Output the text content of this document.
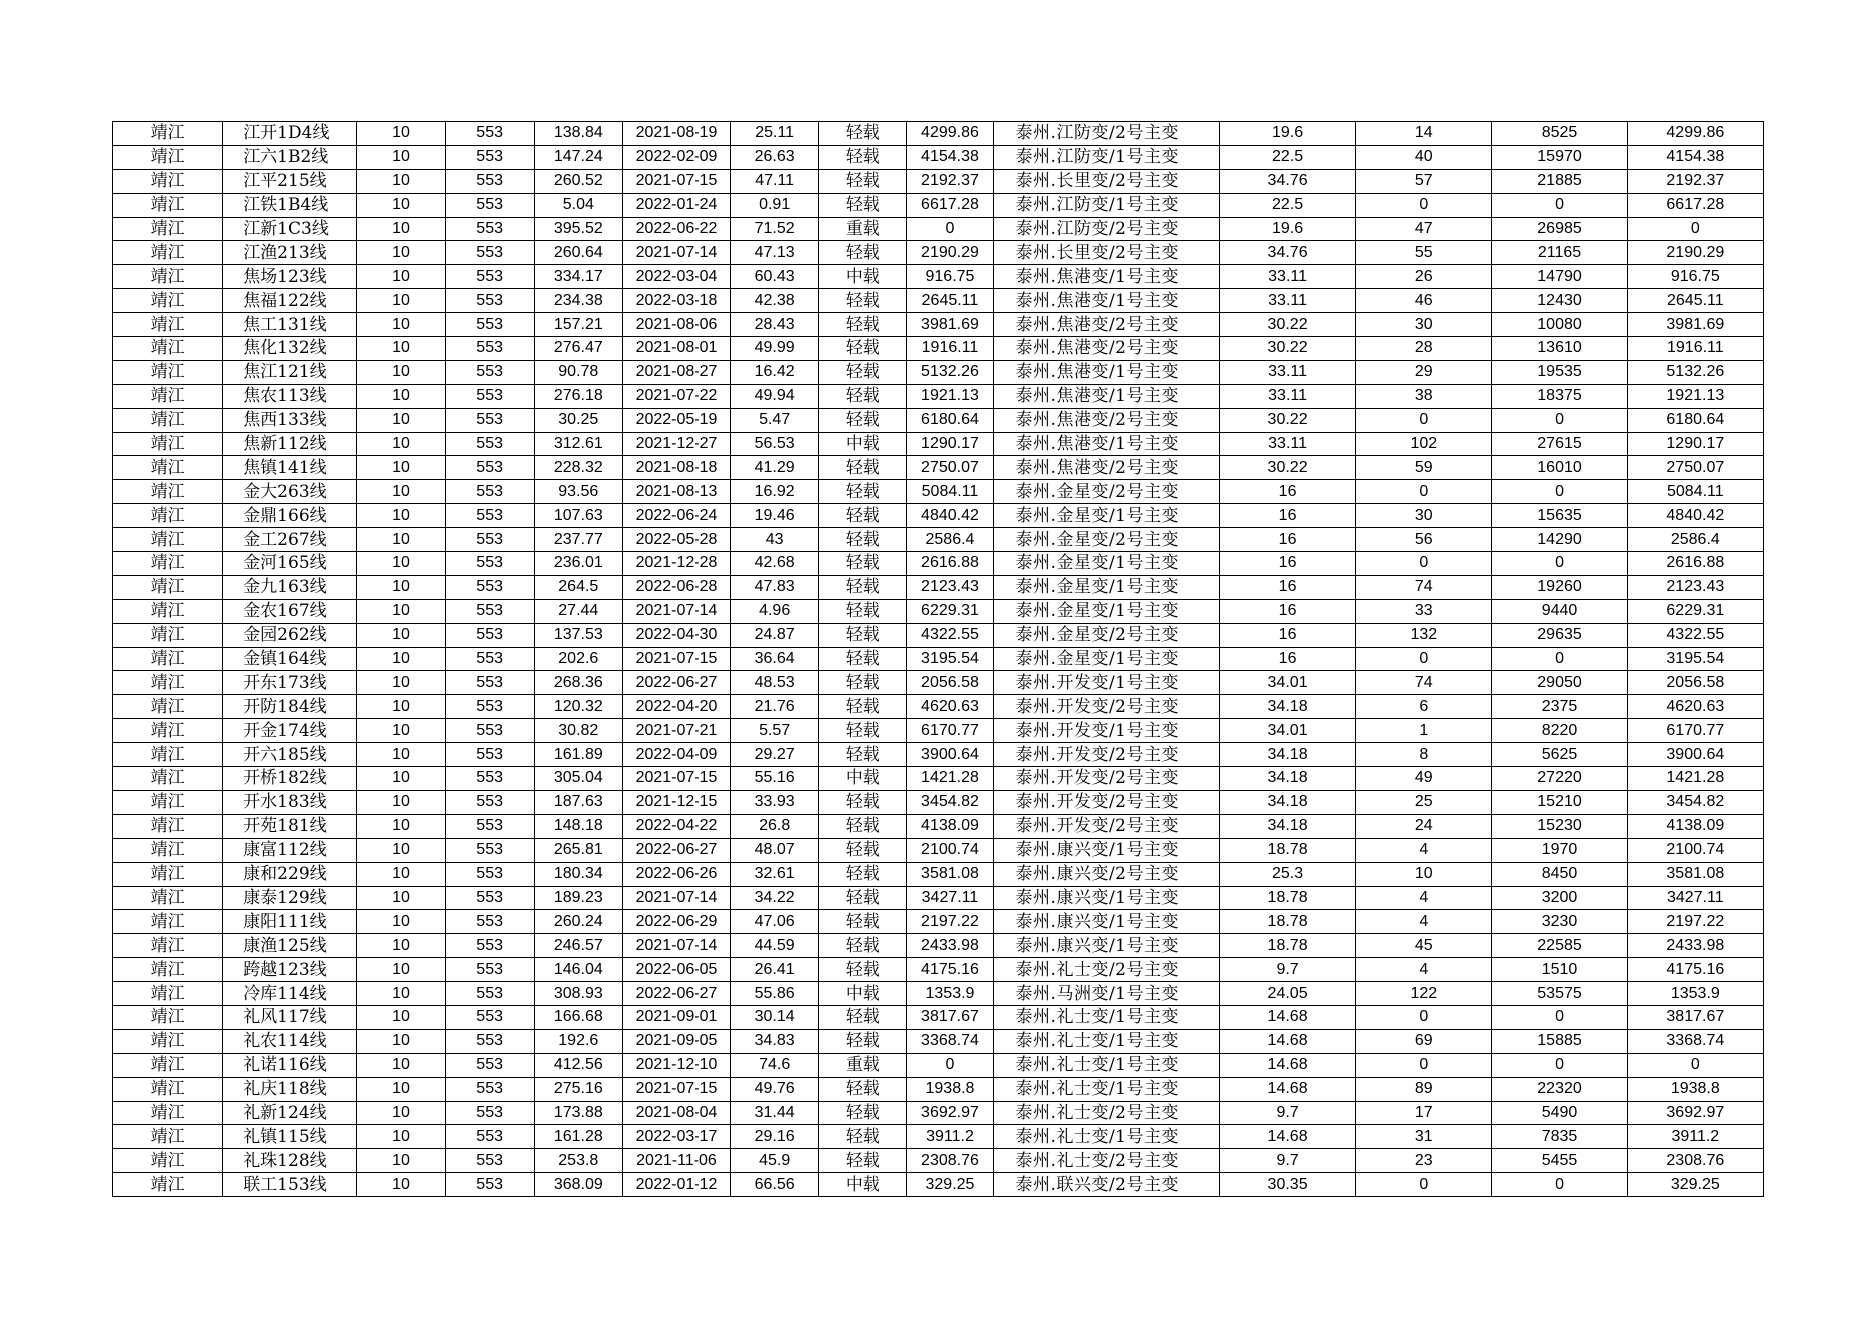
靖江	江开1D4线	10	553	138.84	2021-08-19	25.11	轻载	4299.86	泰州.江防变/2号主变	19.6	14	8525	4299.86
靖江	江六1B2线	10	553	147.24	2022-02-09	26.63	轻载	4154.38	泰州.江防变/1号主变	22.5	40	15970	4154.38
靖江	江平215线	10	553	260.52	2021-07-15	47.11	轻载	2192.37	泰州.长里变/2号主变	34.76	57	21885	2192.37
靖江	江铁1B4线	10	553	5.04	2022-01-24	0.91	轻载	6617.28	泰州.江防变/1号主变	22.5	0	0	6617.28
靖江	江新1C3线	10	553	395.52	2022-06-22	71.52	重载	0	泰州.江防变/2号主变	19.6	47	26985	0
靖江	江渔213线	10	553	260.64	2021-07-14	47.13	轻载	2190.29	泰州.长里变/2号主变	34.76	55	21165	2190.29
靖江	焦场123线	10	553	334.17	2022-03-04	60.43	中载	916.75	泰州.焦港变/1号主变	33.11	26	14790	916.75
靖江	焦福122线	10	553	234.38	2022-03-18	42.38	轻载	2645.11	泰州.焦港变/1号主变	33.11	46	12430	2645.11
靖江	焦工131线	10	553	157.21	2021-08-06	28.43	轻载	3981.69	泰州.焦港变/2号主变	30.22	30	10080	3981.69
靖江	焦化132线	10	553	276.47	2021-08-01	49.99	轻载	1916.11	泰州.焦港变/2号主变	30.22	28	13610	1916.11
靖江	焦江121线	10	553	90.78	2021-08-27	16.42	轻载	5132.26	泰州.焦港变/1号主变	33.11	29	19535	5132.26
靖江	焦农113线	10	553	276.18	2021-07-22	49.94	轻载	1921.13	泰州.焦港变/1号主变	33.11	38	18375	1921.13
靖江	焦西133线	10	553	30.25	2022-05-19	5.47	轻载	6180.64	泰州.焦港变/2号主变	30.22	0	0	6180.64
靖江	焦新112线	10	553	312.61	2021-12-27	56.53	中载	1290.17	泰州.焦港变/1号主变	33.11	102	27615	1290.17
靖江	焦镇141线	10	553	228.32	2021-08-18	41.29	轻载	2750.07	泰州.焦港变/2号主变	30.22	59	16010	2750.07
靖江	金大263线	10	553	93.56	2021-08-13	16.92	轻载	5084.11	泰州.金星变/2号主变	16	0	0	5084.11
靖江	金鼎166线	10	553	107.63	2022-06-24	19.46	轻载	4840.42	泰州.金星变/1号主变	16	30	15635	4840.42
靖江	金工267线	10	553	237.77	2022-05-28	43	轻载	2586.4	泰州.金星变/2号主变	16	56	14290	2586.4
靖江	金河165线	10	553	236.01	2021-12-28	42.68	轻载	2616.88	泰州.金星变/1号主变	16	0	0	2616.88
靖江	金九163线	10	553	264.5	2022-06-28	47.83	轻载	2123.43	泰州.金星变/1号主变	16	74	19260	2123.43
靖江	金农167线	10	553	27.44	2021-07-14	4.96	轻载	6229.31	泰州.金星变/1号主变	16	33	9440	6229.31
靖江	金园262线	10	553	137.53	2022-04-30	24.87	轻载	4322.55	泰州.金星变/2号主变	16	132	29635	4322.55
靖江	金镇164线	10	553	202.6	2021-07-15	36.64	轻载	3195.54	泰州.金星变/1号主变	16	0	0	3195.54
靖江	开东173线	10	553	268.36	2022-06-27	48.53	轻载	2056.58	泰州.开发变/1号主变	34.01	74	29050	2056.58
靖江	开防184线	10	553	120.32	2022-04-20	21.76	轻载	4620.63	泰州.开发变/2号主变	34.18	6	2375	4620.63
靖江	开金174线	10	553	30.82	2021-07-21	5.57	轻载	6170.77	泰州.开发变/1号主变	34.01	1	8220	6170.77
靖江	开六185线	10	553	161.89	2022-04-09	29.27	轻载	3900.64	泰州.开发变/2号主变	34.18	8	5625	3900.64
靖江	开桥182线	10	553	305.04	2021-07-15	55.16	中载	1421.28	泰州.开发变/2号主变	34.18	49	27220	1421.28
靖江	开水183线	10	553	187.63	2021-12-15	33.93	轻载	3454.82	泰州.开发变/2号主变	34.18	25	15210	3454.82
靖江	开苑181线	10	553	148.18	2022-04-22	26.8	轻载	4138.09	泰州.开发变/2号主变	34.18	24	15230	4138.09
靖江	康富112线	10	553	265.81	2022-06-27	48.07	轻载	2100.74	泰州.康兴变/1号主变	18.78	4	1970	2100.74
靖江	康和229线	10	553	180.34	2022-06-26	32.61	轻载	3581.08	泰州.康兴变/2号主变	25.3	10	8450	3581.08
靖江	康泰129线	10	553	189.23	2021-07-14	34.22	轻载	3427.11	泰州.康兴变/1号主变	18.78	4	3200	3427.11
靖江	康阳111线	10	553	260.24	2022-06-29	47.06	轻载	2197.22	泰州.康兴变/1号主变	18.78	4	3230	2197.22
靖江	康渔125线	10	553	246.57	2021-07-14	44.59	轻载	2433.98	泰州.康兴变/1号主变	18.78	45	22585	2433.98
靖江	跨越123线	10	553	146.04	2022-06-05	26.41	轻载	4175.16	泰州.礼士变/2号主变	9.7	4	1510	4175.16
靖江	冷库114线	10	553	308.93	2022-06-27	55.86	中载	1353.9	泰州.马洲变/1号主变	24.05	122	53575	1353.9
靖江	礼风117线	10	553	166.68	2021-09-01	30.14	轻载	3817.67	泰州.礼士变/1号主变	14.68	0	0	3817.67
靖江	礼农114线	10	553	192.6	2021-09-05	34.83	轻载	3368.74	泰州.礼士变/1号主变	14.68	69	15885	3368.74
靖江	礼诺116线	10	553	412.56	2021-12-10	74.6	重载	0	泰州.礼士变/1号主变	14.68	0	0	0
靖江	礼庆118线	10	553	275.16	2021-07-15	49.76	轻载	1938.8	泰州.礼士变/1号主变	14.68	89	22320	1938.8
靖江	礼新124线	10	553	173.88	2021-08-04	31.44	轻载	3692.97	泰州.礼士变/2号主变	9.7	17	5490	3692.97
靖江	礼镇115线	10	553	161.28	2022-03-17	29.16	轻载	3911.2	泰州.礼士变/1号主变	14.68	31	7835	3911.2
靖江	礼珠128线	10	553	253.8	2021-11-06	45.9	轻载	2308.76	泰州.礼士变/2号主变	9.7	23	5455	2308.76
靖江	联工153线	10	553	368.09	2022-01-12	66.56	中载	329.25	泰州.联兴变/2号主变	30.35	0	0	329.25
